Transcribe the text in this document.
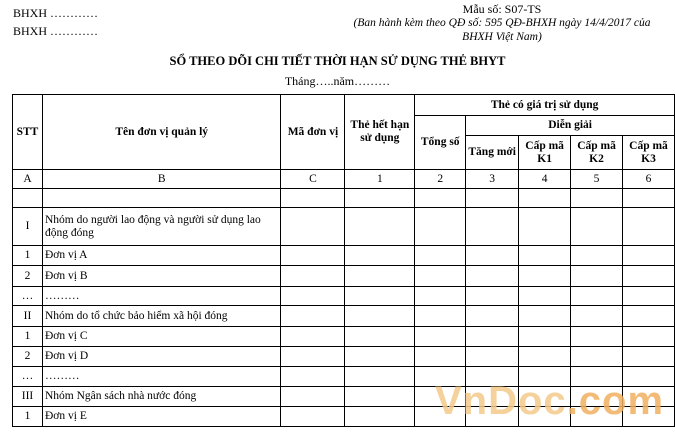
BHXH …………
BHXH …………
Mẫu số: S07-TS
(Ban hành kèm theo QĐ số: 595 QĐ-BHXH ngày 14/4/2017 của
BHXH Việt Nam)
SỔ THEO DÕI CHI TIẾT THỜI HẠN SỬ DỤNG THẺ BHYT
Tháng…..năm………
STT	Tên đơn vị quản lý	Mã đơn vị	Thẻ hết hạn sử dụng	Thẻ có giá trị sử dụng				
				Tổng số	Diễn giải			
					Tăng mới	Cấp mã K1	Cấp mã K2	Cấp mã K3
A	B	C	1	2	3	4	5	6

I	Nhóm do người lao động và người sử dụng lao động đóng							
1	Đơn vị A							
2	Đơn vị B							
…	………							
II	Nhóm do tổ chức bảo hiểm xã hội đóng							
1	Đơn vị C							
2	Đơn vị D							
…	………							
III	Nhóm Ngân sách nhà nước đóng							
1	Đơn vị E								VnDoc.com
